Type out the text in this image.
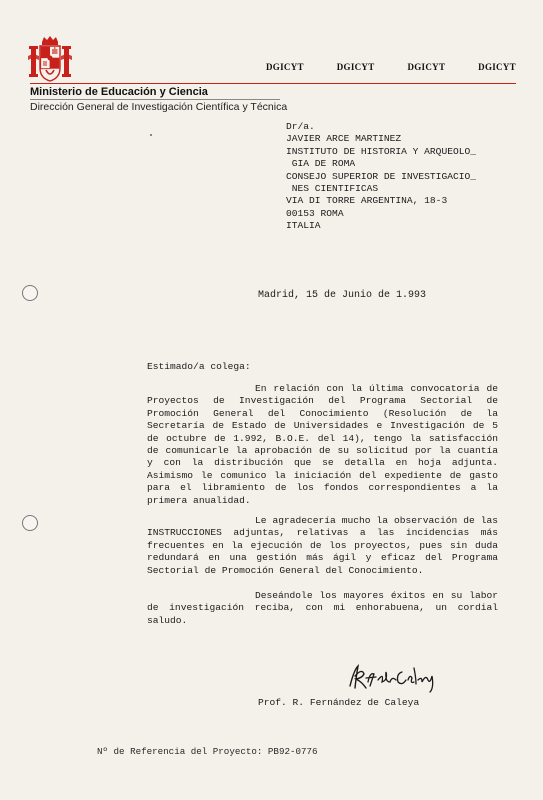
DGICYT	DGICYT	DGICYT	DGICYT
Ministerio de Educación y Ciencia
Dirección General de Investigación Científica y Técnica
Dr/a.
JAVIER ARCE MARTINEZ
INSTITUTO DE HISTORIA Y ARQUEOLO_
GIA DE ROMA
CONSEJO SUPERIOR DE INVESTIGACIO_
NES CIENTIFICAS
VIA DI TORRE ARGENTINA, 18-3
00153 ROMA
ITALIA
Madrid, 15 de Junio de 1.993
Estimado/a colega:

En relación con la última convocatoria de Proyectos de Investigación del Programa Sectorial de Promoción General del Conocimiento (Resolución de la Secretaría de Estado de Universidades e Investigación de 5 de octubre de 1.992, B.O.E. del 14), tengo la satisfacción de comunicarle la aprobación de su solicitud por la cuantía y con la distribución que se detalla en hoja adjunta. Asimismo le comunico la iniciación del expediente de gasto para el libramiento de los fondos correspondientes a la primera anualidad.

Le agradecería mucho la observación de las INSTRUCCIONES adjuntas, relativas a las incidencias más frecuentes en la ejecución de los proyectos, pues sin duda redundará en una gestión más ágil y eficaz del Programa Sectorial de Promoción General del Conocimiento.

Deseándole los mayores éxitos en su labor de investigación reciba, con mi enhorabuena, un cordial saludo.

Prof. R. Fernández de Caleya
Nº de Referencia del Proyecto: PB92-0776
